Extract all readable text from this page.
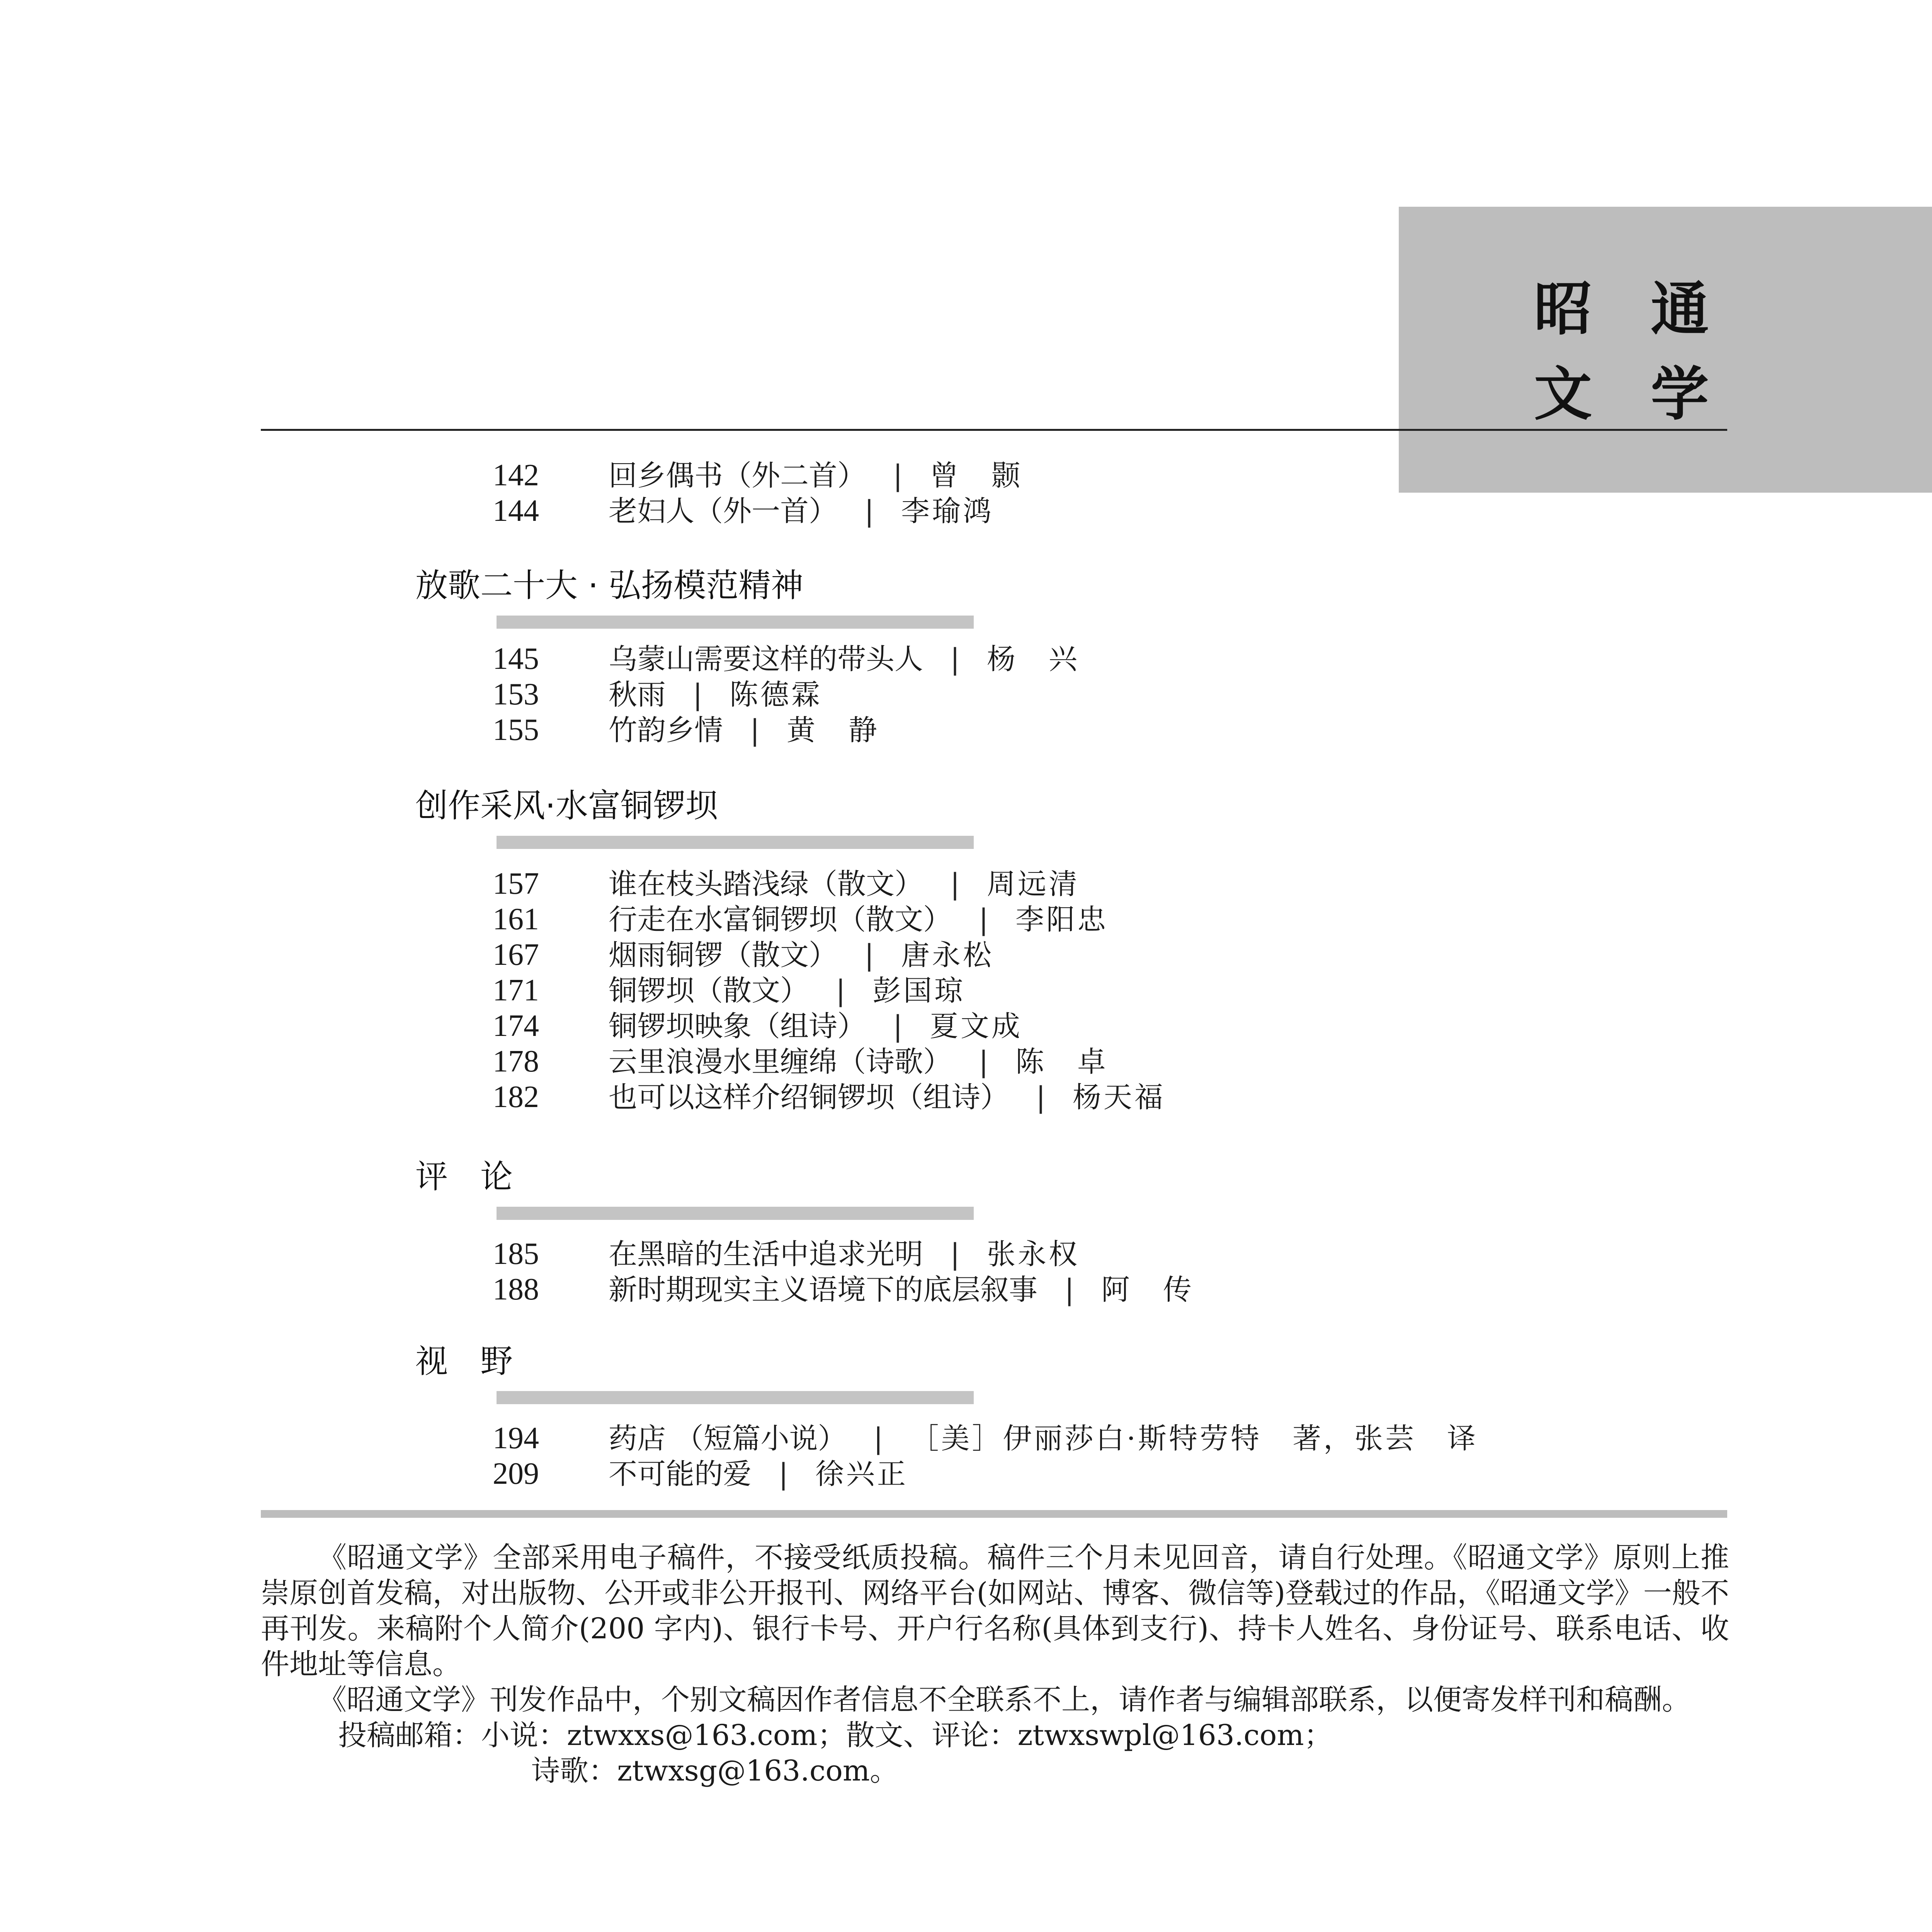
昭 通
文 学
142 回乡偶书（外二首） | 曾　颢
144 老妇人（外一首） | 李瑜鸿
放歌二十大 · 弘扬模范精神
145 乌蒙山需要这样的带头人 | 杨　兴
153 秋雨 | 陈德霖
155 竹韵乡情 | 黄　静
创作采风·水富铜锣坝
157 谁在枝头踏浅绿（散文） | 周远清
161 行走在水富铜锣坝（散文） | 李阳忠
167 烟雨铜锣（散文） | 唐永松
171 铜锣坝（散文） | 彭国琼
174 铜锣坝映象（组诗） | 夏文成
178 云里浪漫水里缠绵（诗歌） | 陈　卓
182 也可以这样介绍铜锣坝（组诗） | 杨天福
评　论
185 在黑暗的生活中追求光明 | 张永权
188 新时期现实主义语境下的底层叙事 | 阿　传
视　野
194 药店 （短篇小说） | ［美］伊丽莎白·斯特劳特　著，张芸　译
209 不可能的爱 | 徐兴正

《昭通文学》全部采用电子稿件，不接受纸质投稿。稿件三个月未见回音，请自行处理。《昭通文学》原则上推崇原创首发稿，对出版物、公开或非公开报刊、网络平台(如网站、博客、微信等)登载过的作品，《昭通文学》一般不再刊发。来稿附个人简介(200 字内)、银行卡号、开户行名称(具体到支行)、持卡人姓名、身份证号、联系电话、收件地址等信息。

《昭通文学》刊发作品中，个别文稿因作者信息不全联系不上，请作者与编辑部联系，以便寄发样刊和稿酬。

投稿邮箱：小说：ztwxxs@163.com；散文、评论：ztwxswpl@163.com；
诗歌：ztwxsg@163.com。
